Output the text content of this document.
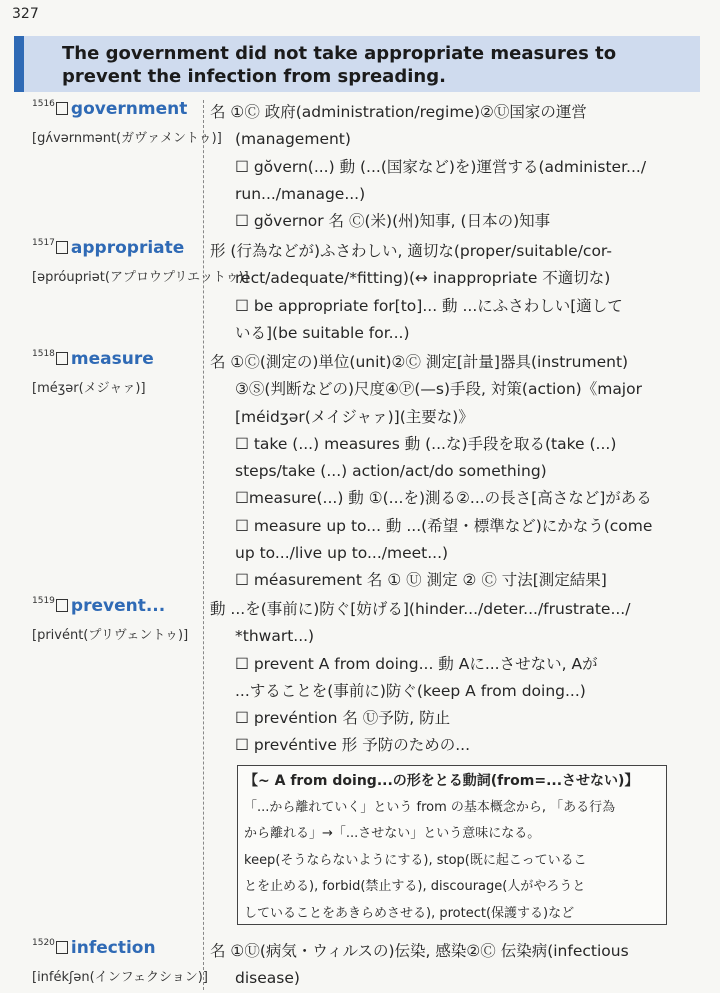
327
The government did not take appropriate measures to prevent the infection from spreading.
$^{1516}$ government
[gʌ́vərnmənt(ガヴァメントゥ)]

名 ①Ⓒ 政府(administration/regime)②Ⓤ国家の運営

(management)

☐ gŏvern(...) 動 (...(国家など)を)運営する(administer.../

run.../manage...)

☐ gŏvernor 名 Ⓒ(米)(州)知事, (日本の)知事

$^{1517}$ appropriate
[əpróupriət(アプロウプリエットゥ)]

形 (行為などが)ふさわしい, 適切な(proper/suitable/cor-

rect/adequate/*fitting)(↔ inappropriate 不適切な)

☐ be appropriate for[to]... 動 ...にふさわしい[適して

いる](be suitable for...)

$^{1518}$ measure
[méʒər(メジャァ)]

名 ①Ⓒ(測定の)単位(unit)②Ⓒ 測定[計量]器具(instrument)

③Ⓢ(判断などの)尺度④Ⓟ(—s)手段, 対策(action)《major

[méidʒər(メイジャァ)](主要な)》

☐ take (...) measures 動 (...な)手段を取る(take (...)

steps/take (...) action/act/do something)

☐measure(...) 動 ①(...を)測る②...の長さ[高さなど]がある

☐ measure up to... 動 ...(希望・標準など)にかなう(come

up to.../live up to.../meet...)

☐ méasurement 名 ① Ⓤ 測定 ② Ⓒ 寸法[測定結果]

$^{1519}$ prevent...
[privént(プリヴェントゥ)]

動 ...を(事前に)防ぐ[妨げる](hinder.../deter.../frustrate.../

*thwart...)

☐ prevent A from doing... 動 Aに...させない, Aが

...することを(事前に)防ぐ(keep A from doing...)

☐ prevéntion 名 Ⓤ予防, 防止

☐ prevéntive 形 予防のための...

【~ A from doing...の形をとる動詞(from=...させない)】
「...から離れていく」という from の基本概念から, 「ある行為
から離れる」→「...させない」という意味になる。
keep(そうならないようにする), stop(既に起こっているこ
とを止める), forbid(禁止する), discourage(人がやろうと
していることをあきらめさせる), protect(保護する)など
$^{1520}$ infection
[infékʃən(インフェクション)]

名 ①Ⓤ(病気・ウィルスの)伝染, 感染②Ⓒ 伝染病(infectious

disease)
